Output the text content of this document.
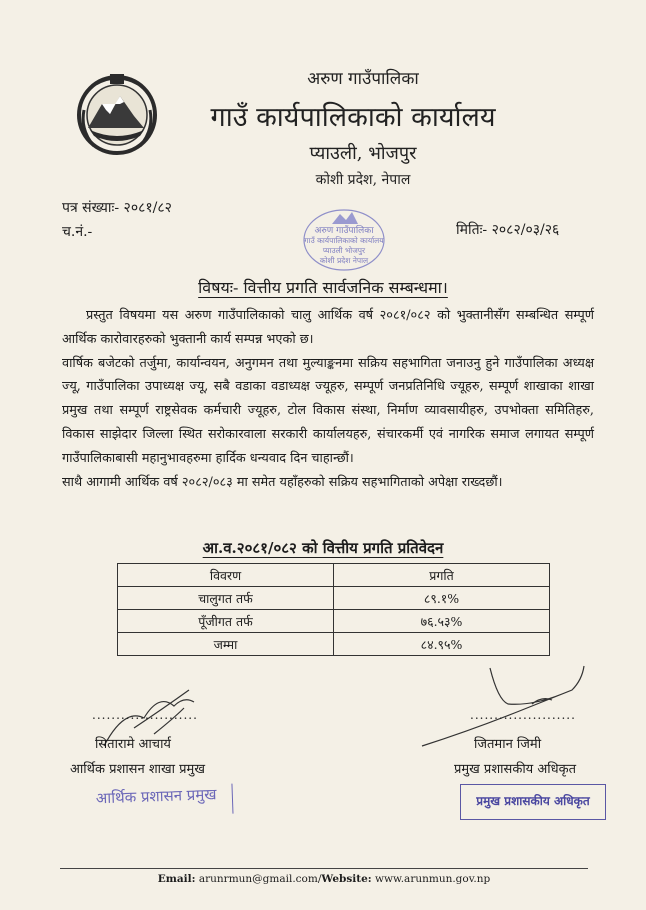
अरुण गाउँपालिका
गाउँ कार्यपालिकाको कार्यालय
प्याउली, भोजपुर
कोशी प्रदेश, नेपाल
पत्र संख्याः- २०८१/८२
च.नं.-	मितिः- २०८२/०३/२६
अरुण गाउँपालिका
गाउँ कार्यपालिकाको कार्यालय
प्याउली भोजपुर
कोशी प्रदेश नेपाल
विषयः- वित्तीय प्रगति सार्वजनिक सम्बन्धमा।

प्रस्तुत विषयमा यस अरुण गाउँपालिकाको चालु आर्थिक वर्ष २०८१/०८२ को भुक्तानीसँग सम्बन्धित सम्पूर्ण आर्थिक कारोवारहरुको भुक्तानी कार्य सम्पन्न भएको छ।

वार्षिक बजेटको तर्जुमा, कार्यान्वयन, अनुगमन तथा मुल्याङ्कनमा सक्रिय सहभागिता जनाउनु हुने गाउँपालिका अध्यक्ष ज्यू, गाउँपालिका उपाध्यक्ष ज्यू, सबै वडाका वडाध्यक्ष ज्यूहरु, सम्पूर्ण जनप्रतिनिधि ज्यूहरु, सम्पूर्ण शाखाका शाखा प्रमुख तथा सम्पूर्ण राष्ट्रसेवक कर्मचारी ज्यूहरु, टोल विकास संस्था, निर्माण व्यावसायीहरु, उपभोक्ता समितिहरु, विकास साझेदार जिल्ला स्थित सरोकारवाला सरकारी कार्यालयहरु, संचारकर्मी एवं नागरिक समाज लगायत सम्पूर्ण गाउँपालिकाबासी महानुभावहरुमा हार्दिक धन्यवाद दिन चाहान्छौं।

साथै आगामी आर्थिक वर्ष २०८२/०८३ मा समेत यहाँहरुको सक्रिय सहभागिताको अपेक्षा राख्दछौं।

आ.व.२०८१/०८२ को वित्तीय प्रगति प्रतिवेदन
विवरण	प्रगति
चालुगत तर्फ	८९.१%
पूँजीगत तर्फ	७६.५३%
जम्मा	८४.९५%
......................
सितारामे आचार्य
आर्थिक प्रशासन शाखा प्रमुख
आर्थिक प्रशासन प्रमुख
......................
जितमान जिमी
प्रमुख प्रशासकीय अधिकृत
प्रमुख प्रशासकीय अधिकृत
Email: arunrmun@gmail.com/Website: www.arunmun.gov.np
